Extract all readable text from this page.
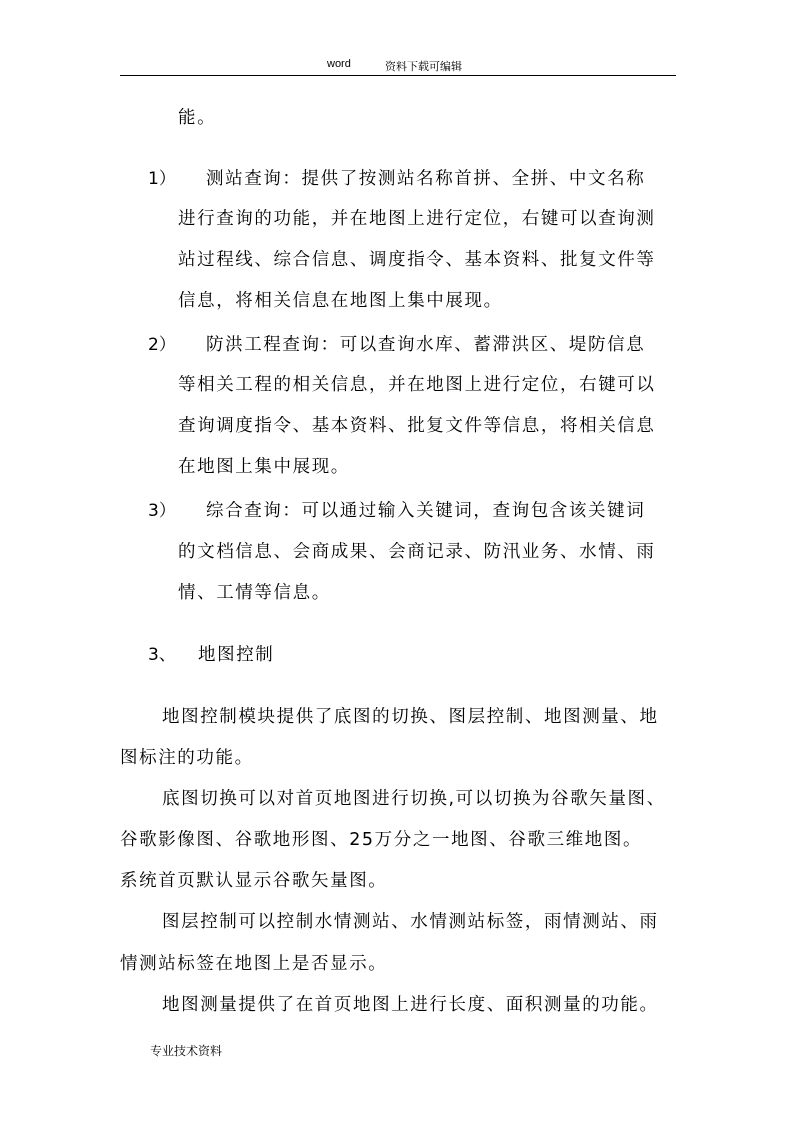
word	资料下载可编辑
能。
1） 测站查询：提供了按测站名称首拼、全拼、中文名称
进行查询的功能，并在地图上进行定位，右键可以查询测
站过程线、综合信息、调度指令、基本资料、批复文件等
信息，将相关信息在地图上集中展现。
2） 防洪工程查询：可以查询水库、蓄滞洪区、堤防信息
等相关工程的相关信息，并在地图上进行定位，右键可以
查询调度指令、基本资料、批复文件等信息，将相关信息
在地图上集中展现。
3） 综合查询：可以通过输入关键词，查询包含该关键词
的文档信息、会商成果、会商记录、防汛业务、水情、雨
情、工情等信息。
3、 地图控制
地图控制模块提供了底图的切换、图层控制、地图测量、地
图标注的功能。
底图切换可以对首页地图进行切换,可以切换为谷歌矢量图、
谷歌影像图、谷歌地形图、25万分之一地图、谷歌三维地图。
系统首页默认显示谷歌矢量图。
图层控制可以控制水情测站、水情测站标签，雨情测站、雨
情测站标签在地图上是否显示。
地图测量提供了在首页地图上进行长度、面积测量的功能。
专业技术资料
